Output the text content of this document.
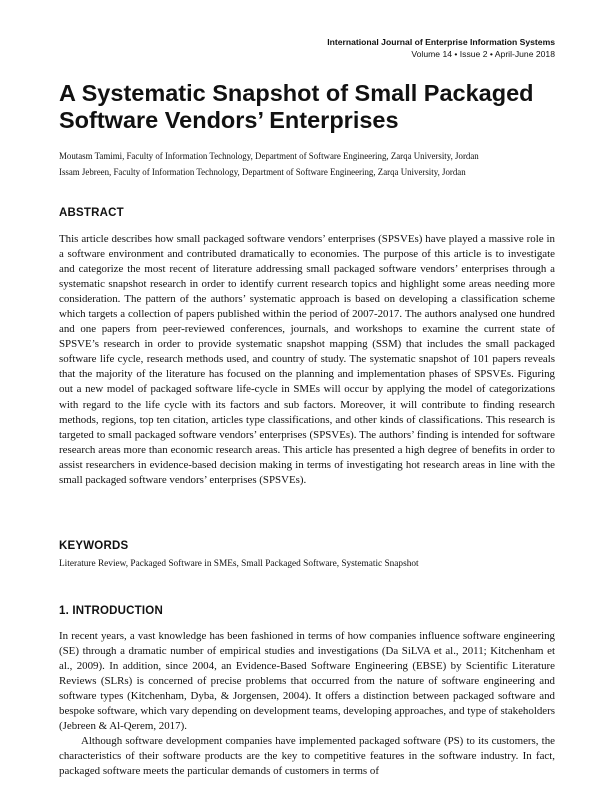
International Journal of Enterprise Information Systems
Volume 14 • Issue 2 • April-June 2018
A Systematic Snapshot of Small Packaged Software Vendors’ Enterprises
Moutasm Tamimi, Faculty of Information Technology, Department of Software Engineering, Zarqa University, Jordan
Issam Jebreen, Faculty of Information Technology, Department of Software Engineering, Zarqa University, Jordan
ABSTRACT

This article describes how small packaged software vendors’ enterprises (SPSVEs) have played a massive role in a software environment and contributed dramatically to economies. The purpose of this article is to investigate and categorize the most recent of literature addressing small packaged software vendors’ enterprises through a systematic snapshot research in order to identify current research topics and highlight some areas needing more consideration. The pattern of the authors’ systematic approach is based on developing a classification scheme which targets a collection of papers published within the period of 2007-2017. The authors analysed one hundred and one papers from peer-reviewed conferences, journals, and workshops to examine the current state of SPSVE’s research in order to provide systematic snapshot mapping (SSM) that includes the small packaged software life cycle, research methods used, and country of study. The systematic snapshot of 101 papers reveals that the majority of the literature has focused on the planning and implementation phases of SPSVEs. Figuring out a new model of packaged software life-cycle in SMEs will occur by applying the model of categorizations with regard to the life cycle with its factors and sub factors. Moreover, it will contribute to finding research methods, regions, top ten citation, articles type classifications, and other kinds of classifications. This research is targeted to small packaged software vendors’ enterprises (SPSVEs). The authors’ finding is intended for software research areas more than economic research areas. This article has presented a high degree of benefits in order to assist researchers in evidence-based decision making in terms of investigating hot research areas in line with the small packaged software vendors’ enterprises (SPSVEs).

KEYWORDS
Literature Review, Packaged Software in SMEs, Small Packaged Software, Systematic Snapshot
1. INTRODUCTION

In recent years, a vast knowledge has been fashioned in terms of how companies influence software engineering (SE) through a dramatic number of empirical studies and investigations (Da SiLVA et al., 2011; Kitchenham et al., 2009). In addition, since 2004, an Evidence-Based Software Engineering (EBSE) by Scientific Literature Reviews (SLRs) is concerned of precise problems that occurred from the nature of software engineering and software types (Kitchenham, Dyba, & Jorgensen, 2004). It offers a distinction between packaged software and bespoke software, which vary depending on development teams, developing approaches, and type of stakeholders (Jebreen & Al-Qerem, 2017).

Although software development companies have implemented packaged software (PS) to its customers, the characteristics of their software products are the key to competitive features in the software industry. In fact, packaged software meets the particular demands of customers in terms of
